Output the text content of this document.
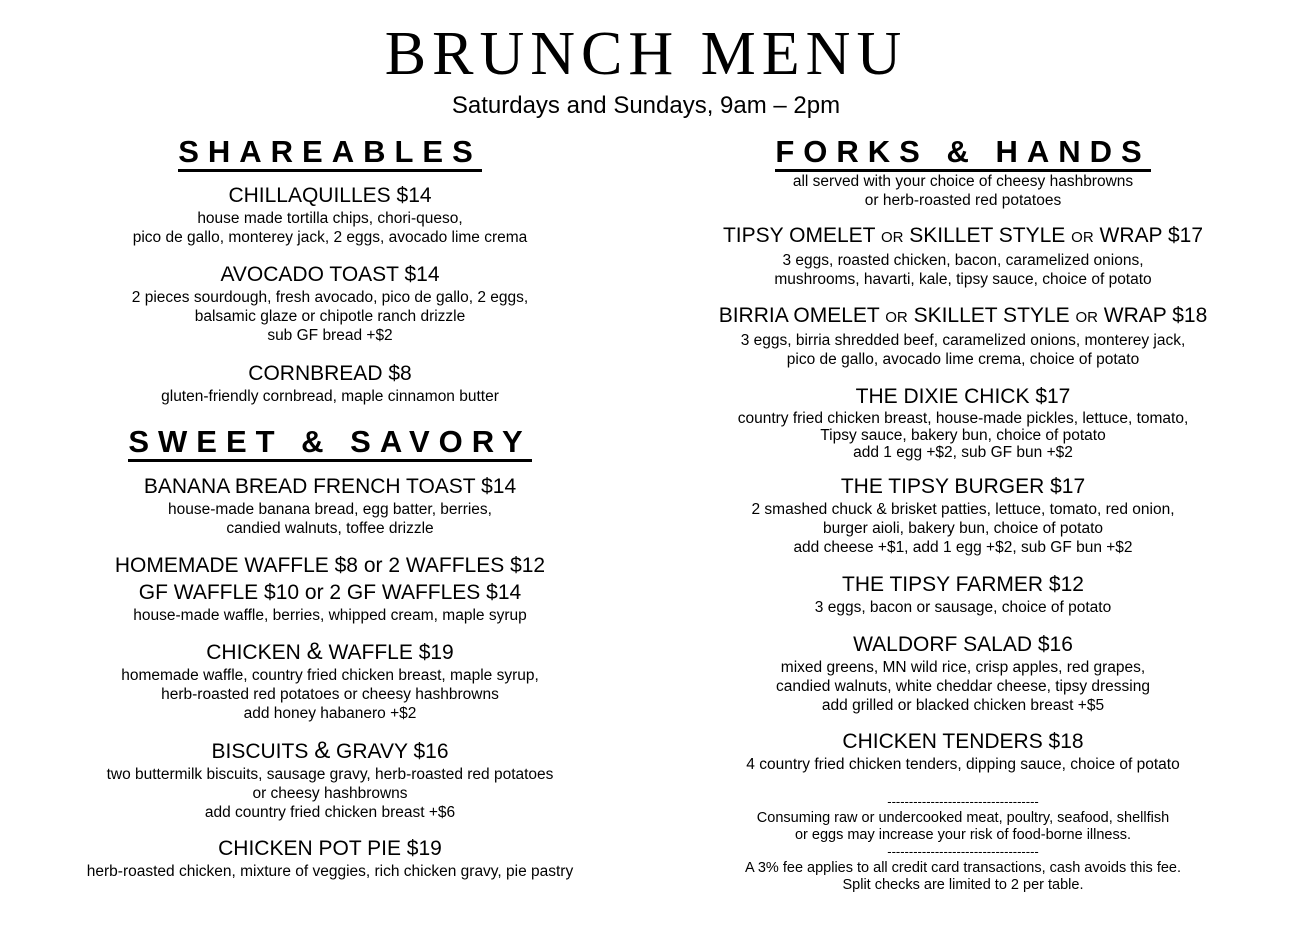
BRUNCH MENU
Saturdays and Sundays, 9am – 2pm
SHAREABLES
CHILLAQUILLES $14
house made tortilla chips, chori-queso,
pico de gallo, monterey jack, 2 eggs, avocado lime crema
AVOCADO TOAST $14
2 pieces sourdough, fresh avocado, pico de gallo, 2 eggs,
balsamic glaze or chipotle ranch drizzle
sub GF bread +$2
CORNBREAD $8
gluten-friendly cornbread, maple cinnamon butter
SWEET & SAVORY
BANANA BREAD FRENCH TOAST $14
house-made banana bread, egg batter, berries,
candied walnuts, toffee drizzle
HOMEMADE WAFFLE $8 or 2 WAFFLES $12
GF WAFFLE $10 or 2 GF WAFFLES $14
house-made waffle, berries, whipped cream, maple syrup
CHICKEN & WAFFLE $19
homemade waffle, country fried chicken breast, maple syrup,
herb-roasted red potatoes or cheesy hashbrowns
add honey habanero +$2
BISCUITS & GRAVY $16
two buttermilk biscuits, sausage gravy, herb-roasted red potatoes
or cheesy hashbrowns
add country fried chicken breast +$6
CHICKEN POT PIE $19
herb-roasted chicken, mixture of veggies, rich chicken gravy, pie pastry
FORKS & HANDS
all served with your choice of cheesy hashbrowns
or herb-roasted red potatoes
TIPSY OMELET OR SKILLET STYLE OR WRAP $17
3 eggs, roasted chicken, bacon, caramelized onions,
mushrooms, havarti, kale, tipsy sauce, choice of potato
BIRRIA OMELET OR SKILLET STYLE OR WRAP $18
3 eggs, birria shredded beef, caramelized onions, monterey jack,
pico de gallo, avocado lime crema, choice of potato
THE DIXIE CHICK $17
country fried chicken breast, house-made pickles, lettuce, tomato,
Tipsy sauce, bakery bun, choice of potato
add 1 egg +$2, sub GF bun +$2
THE TIPSY BURGER $17
2 smashed chuck & brisket patties, lettuce, tomato, red onion,
burger aioli, bakery bun, choice of potato
add cheese +$1, add 1 egg +$2, sub GF bun +$2
THE TIPSY FARMER $12
3 eggs, bacon or sausage, choice of potato
WALDORF SALAD $16
mixed greens, MN wild rice, crisp apples, red grapes,
candied walnuts, white cheddar cheese, tipsy dressing
add grilled or blacked chicken breast +$5
CHICKEN TENDERS $18
4 country fried chicken tenders, dipping sauce, choice of potato
-----------------------------------
Consuming raw or undercooked meat, poultry, seafood, shellfish
or eggs may increase your risk of food-borne illness.
-----------------------------------
A 3% fee applies to all credit card transactions, cash avoids this fee.
Split checks are limited to 2 per table.
